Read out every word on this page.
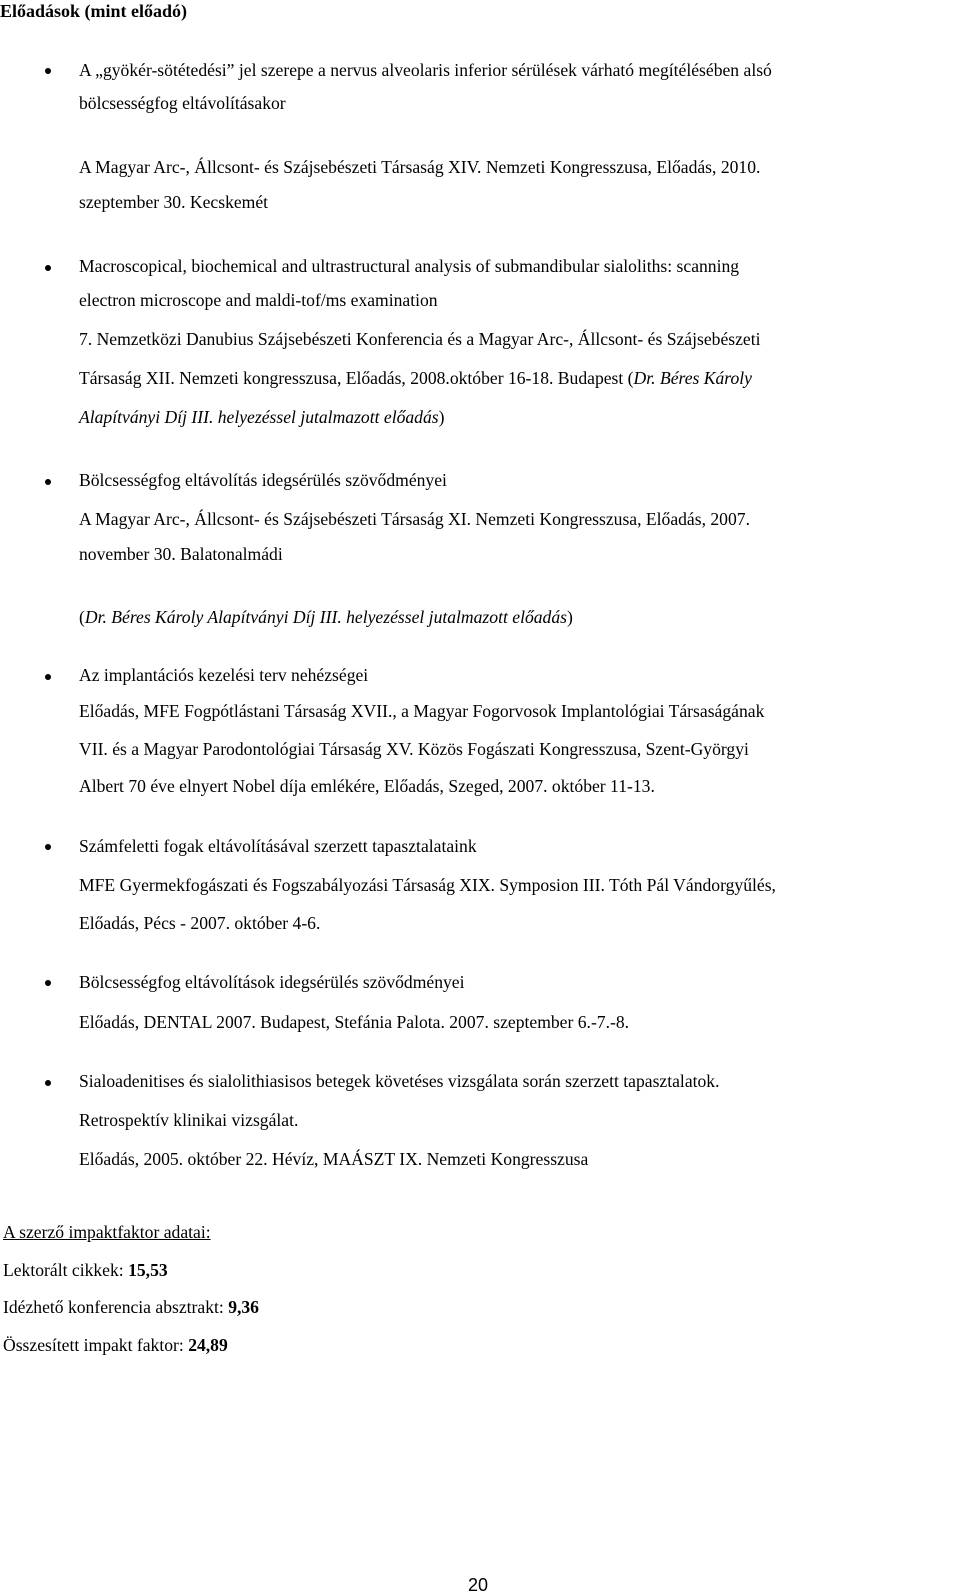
Előadások (mint előadó)
A „gyökér-sötétedési” jel szerepe a nervus alveolaris inferior sérülések várható megítélésében alsó
bölcsességfog eltávolításakor
A Magyar Arc-, Állcsont- és Szájsebészeti Társaság XIV. Nemzeti Kongresszusa, Előadás, 2010.
szeptember 30. Kecskemét
Macroscopical, biochemical and ultrastructural analysis of submandibular sialoliths: scanning
electron microscope and maldi-tof/ms examination
7. Nemzetközi Danubius Szájsebészeti Konferencia és a Magyar Arc-, Állcsont- és Szájsebészeti
Társaság XII. Nemzeti kongresszusa, Előadás, 2008.október 16-18. Budapest (Dr. Béres Károly
Alapítványi Díj III. helyezéssel jutalmazott előadás)
Bölcsességfog eltávolítás idegsérülés szövődményei
A Magyar Arc-, Állcsont- és Szájsebészeti Társaság XI. Nemzeti Kongresszusa, Előadás, 2007.
november 30. Balatonalmádi
(Dr. Béres Károly Alapítványi Díj III. helyezéssel jutalmazott előadás)
Az implantációs kezelési terv nehézségei
Előadás, MFE Fogpótlástani Társaság XVII., a Magyar Fogorvosok Implantológiai Társaságának
VII. és a Magyar Parodontológiai Társaság XV. Közös Fogászati Kongresszusa, Szent-Györgyi
Albert 70 éve elnyert Nobel díja emlékére, Előadás, Szeged, 2007. október 11-13.
Számfeletti fogak eltávolításával szerzett tapasztalataink
MFE Gyermekfogászati és Fogszabályozási Társaság XIX. Symposion III. Tóth Pál Vándorgyűlés,
Előadás, Pécs - 2007. október 4-6.
Bölcsességfog eltávolítások idegsérülés szövődményei
Előadás, DENTAL 2007. Budapest, Stefánia Palota. 2007. szeptember 6.-7.-8.
Sialoadenitises és sialolithiasisos betegek követéses vizsgálata során szerzett tapasztalatok.
Retrospektív klinikai vizsgálat.
Előadás, 2005. október 22. Hévíz, MAÁSZT IX. Nemzeti Kongresszusa
A szerző impaktfaktor adatai:
Lektorált cikkek: 15,53
Idézhető konferencia absztrakt: 9,36
Összesített impakt faktor: 24,89
20
